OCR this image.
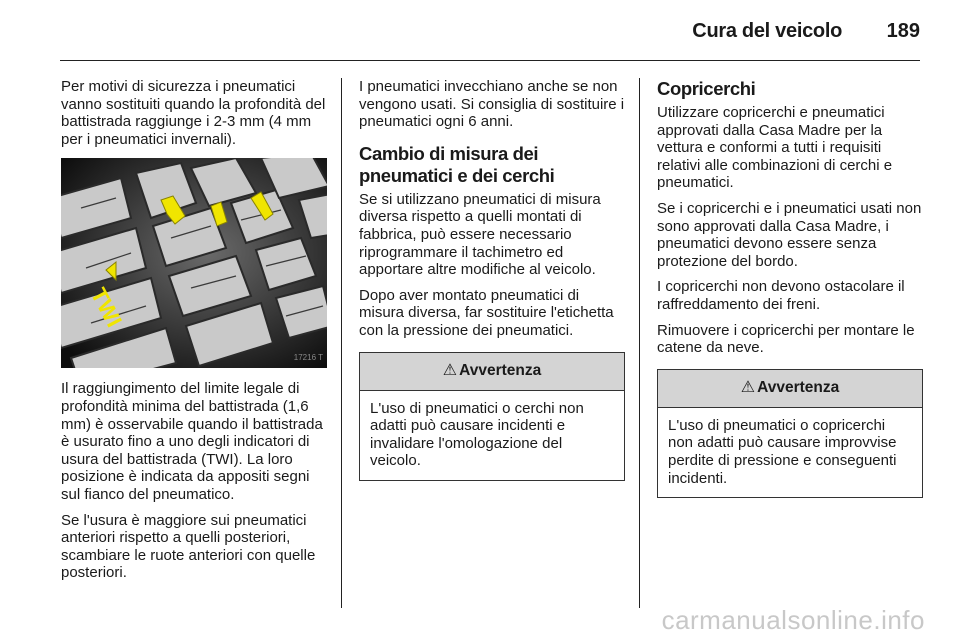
Cura del veicolo 189

Per motivi di sicurezza i pneumatici vanno sostituiti quando la profondità del battistrada raggiunge i 2-3 mm (4 mm per i pneumatici invernali).

TWI
17216 T

Il raggiungimento del limite legale di profondità minima del battistrada (1,6 mm) è osservabile quando il battistrada è usurato fino a uno degli indicatori di usura del battistrada (TWI). La loro posizione è indicata da appositi segni sul fianco del pneumatico.

Se l'usura è maggiore sui pneumatici anteriori rispetto a quelli posteriori, scambiare le ruote anteriori con quelle posteriori.

I pneumatici invecchiano anche se non vengono usati. Si consiglia di sostituire i pneumatici ogni 6 anni.

Cambio di misura dei pneumatici e dei cerchi

Se si utilizzano pneumatici di misura diversa rispetto a quelli montati di fabbrica, può essere necessario riprogrammare il tachimetro ed apportare altre modifiche al veicolo.

Dopo aver montato pneumatici di misura diversa, far sostituire l'etichetta con la pressione dei pneumatici.

⚠ Avvertenza
L'uso di pneumatici o cerchi non adatti può causare incidenti e invalidare l'omologazione del veicolo.
Copricerchi

Utilizzare copricerchi e pneumatici approvati dalla Casa Madre per la vettura e conformi a tutti i requisiti relativi alle combinazioni di cerchi e pneumatici.

Se i copricerchi e i pneumatici usati non sono approvati dalla Casa Madre, i pneumatici devono essere senza protezione del bordo.

I copricerchi non devono ostacolare il raffreddamento dei freni.

Rimuovere i copricerchi per montare le catene da neve.

⚠ Avvertenza
L'uso di pneumatici o copricerchi non adatti può causare improvvise perdite di pressione e conseguenti incidenti.
carmanualsonline.info
